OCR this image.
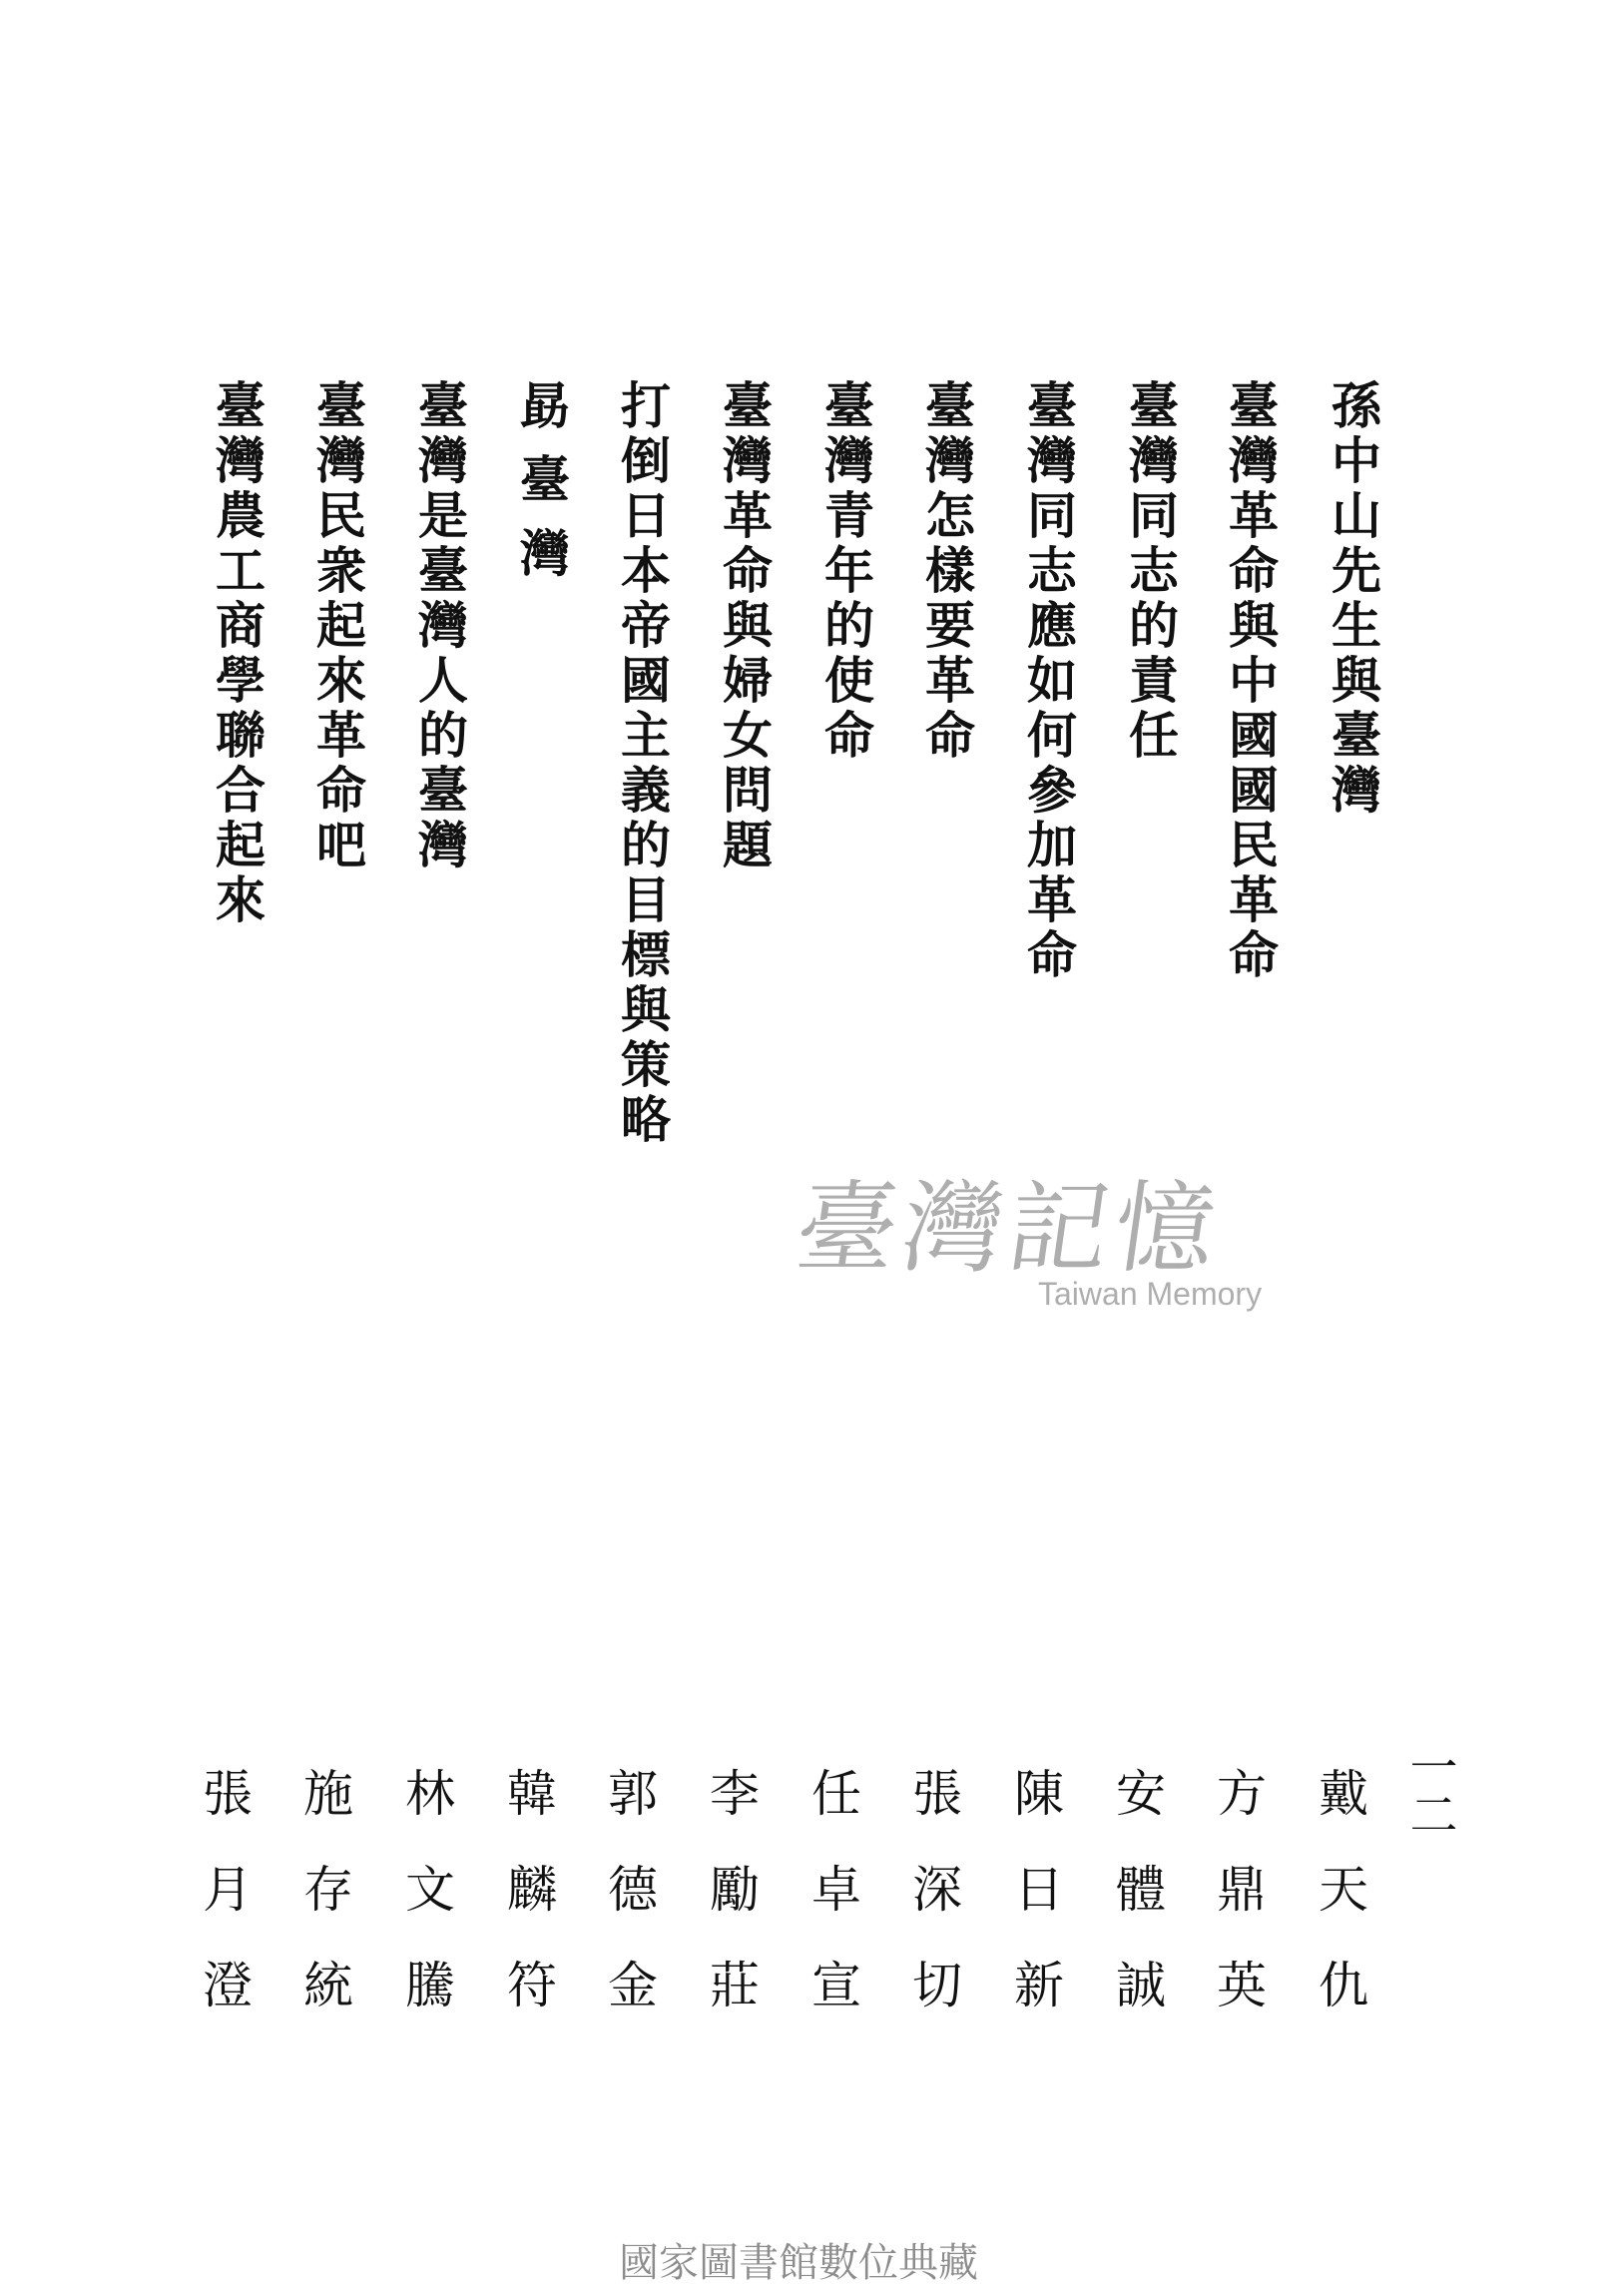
孫中山先生與臺灣
臺灣革命與中國國民革命
臺灣同志的責任
臺灣同志應如何參加革命
臺灣怎樣要革命
臺灣青年的使命
臺灣革命與婦女問題
打倒日本帝國主義的目標與策略
勗臺灣
臺灣是臺灣人的臺灣
臺灣民衆起來革命吧
臺灣農工商學聯合起來
臺灣記憶
Taiwan Memory
一二
戴天仇
方鼎英
安體誠
陳日新
張深切
任卓宣
李勵莊
郭德金
韓麟符
林文騰
施存統
張月澄
國家圖書館數位典藏
